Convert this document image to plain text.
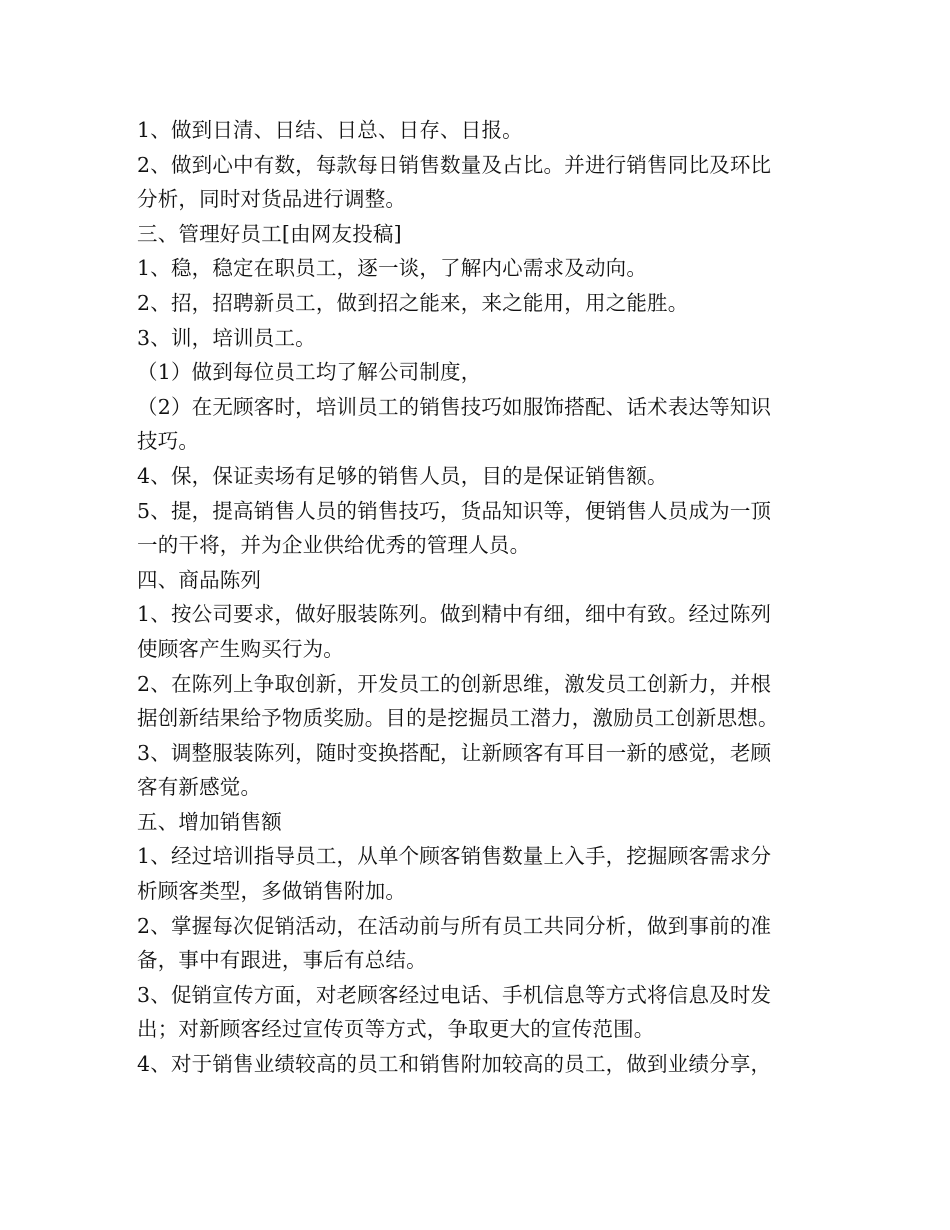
1、做到日清、日结、日总、日存、日报。
2、做到心中有数，每款每日销售数量及占比。并进行销售同比及环比
分析，同时对货品进行调整。
三、管理好员工[由网友投稿]
1、稳，稳定在职员工，逐一谈，了解内心需求及动向。
2、招，招聘新员工，做到招之能来，来之能用，用之能胜。
3、训，培训员工。
（1）做到每位员工均了解公司制度，
（2）在无顾客时，培训员工的销售技巧如服饰搭配、话术表达等知识
技巧。
4、保，保证卖场有足够的销售人员，目的是保证销售额。
5、提，提高销售人员的销售技巧，货品知识等，便销售人员成为一顶
一的干将，并为企业供给优秀的管理人员。
四、商品陈列
1、按公司要求，做好服装陈列。做到精中有细，细中有致。经过陈列
使顾客产生购买行为。
2、在陈列上争取创新，开发员工的创新思维，激发员工创新力，并根
据创新结果给予物质奖励。目的是挖掘员工潜力，激励员工创新思想。
3、调整服装陈列，随时变换搭配，让新顾客有耳目一新的感觉，老顾
客有新感觉。
五、增加销售额
1、经过培训指导员工，从单个顾客销售数量上入手，挖掘顾客需求分
析顾客类型，多做销售附加。
2、掌握每次促销活动，在活动前与所有员工共同分析，做到事前的准
备，事中有跟进，事后有总结。
3、促销宣传方面，对老顾客经过电话、手机信息等方式将信息及时发
出；对新顾客经过宣传页等方式，争取更大的宣传范围。
4、对于销售业绩较高的员工和销售附加较高的员工，做到业绩分享，
